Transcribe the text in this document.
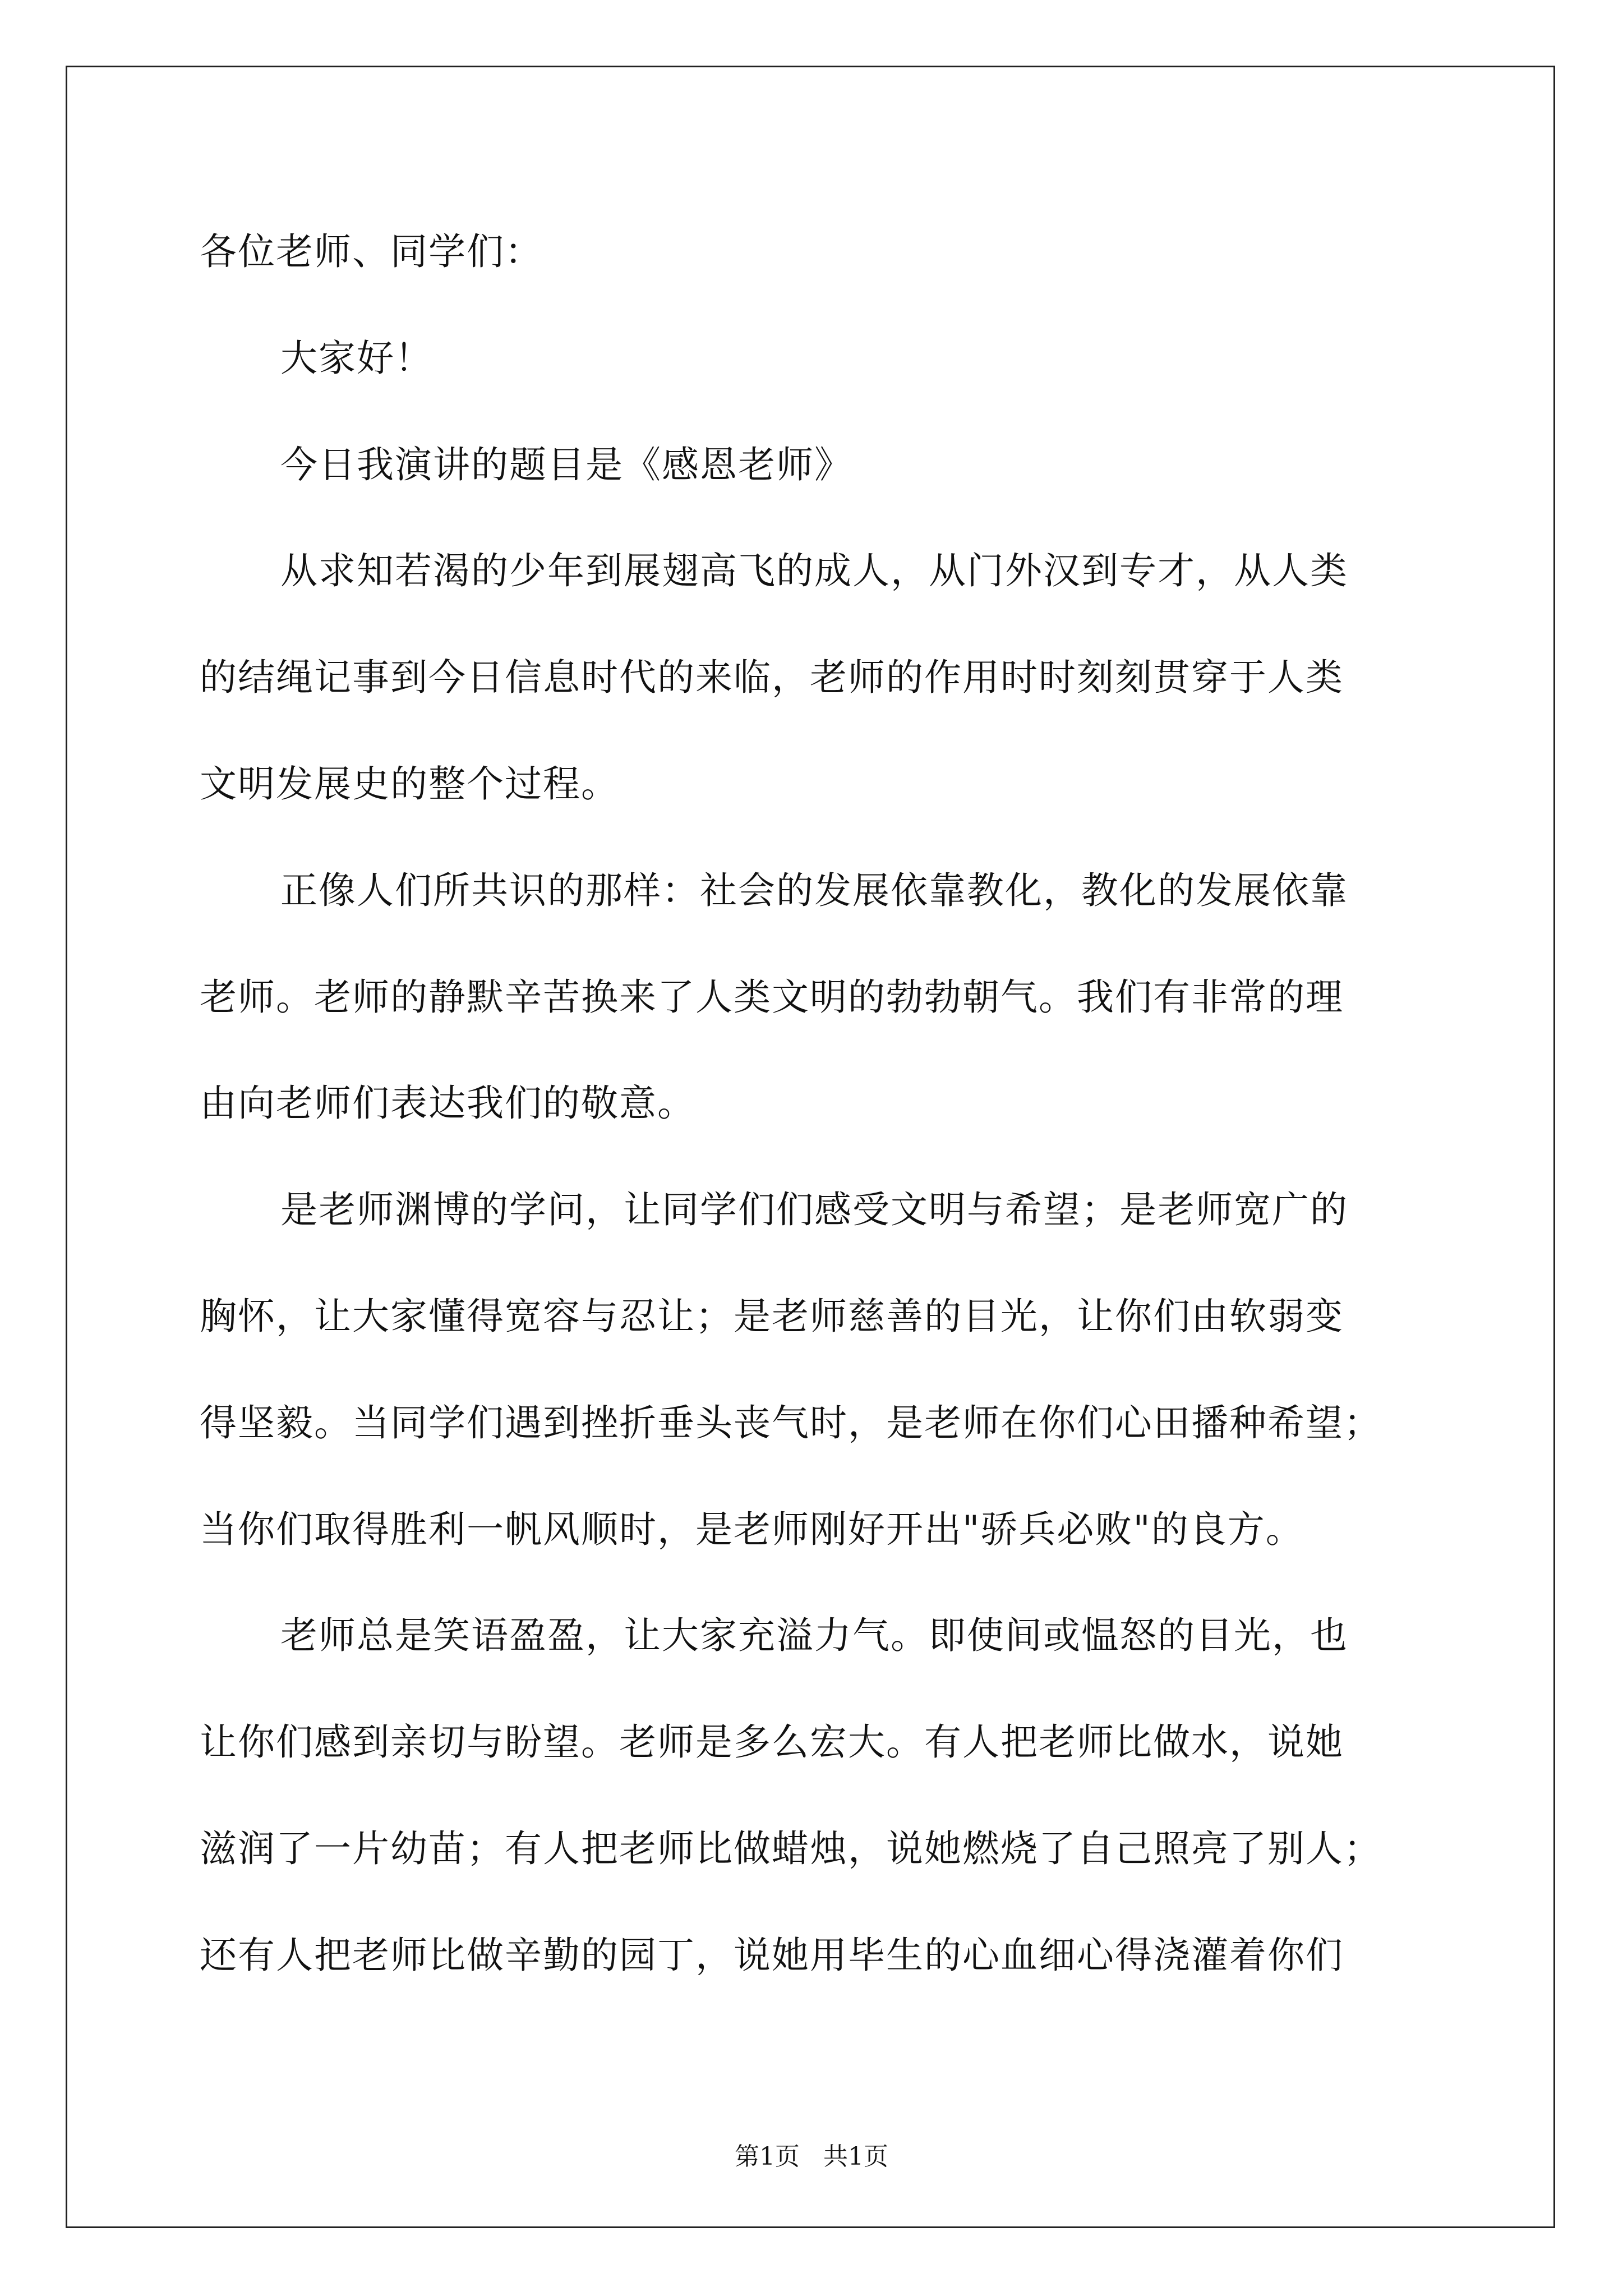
各位老师、同学们：
大家好！
今日我演讲的题目是《感恩老师》
从求知若渴的少年到展翅高飞的成人，从门外汉到专才，从人类
的结绳记事到今日信息时代的来临，老师的作用时时刻刻贯穿于人类
文明发展史的整个过程。
正像人们所共识的那样：社会的发展依靠教化，教化的发展依靠
老师。老师的静默辛苦换来了人类文明的勃勃朝气。我们有非常的理
由向老师们表达我们的敬意。
是老师渊博的学问，让同学们们感受文明与希望；是老师宽广的
胸怀，让大家懂得宽容与忍让；是老师慈善的目光，让你们由软弱变
得坚毅。当同学们遇到挫折垂头丧气时，是老师在你们心田播种希望；
当你们取得胜利一帆风顺时，是老师刚好开出"骄兵必败"的良方。
老师总是笑语盈盈，让大家充溢力气。即使间或愠怒的目光，也
让你们感到亲切与盼望。老师是多么宏大。有人把老师比做水，说她
滋润了一片幼苗；有人把老师比做蜡烛，说她燃烧了自己照亮了别人；
还有人把老师比做辛勤的园丁，说她用毕生的心血细心得浇灌着你们
第1页   共1页
